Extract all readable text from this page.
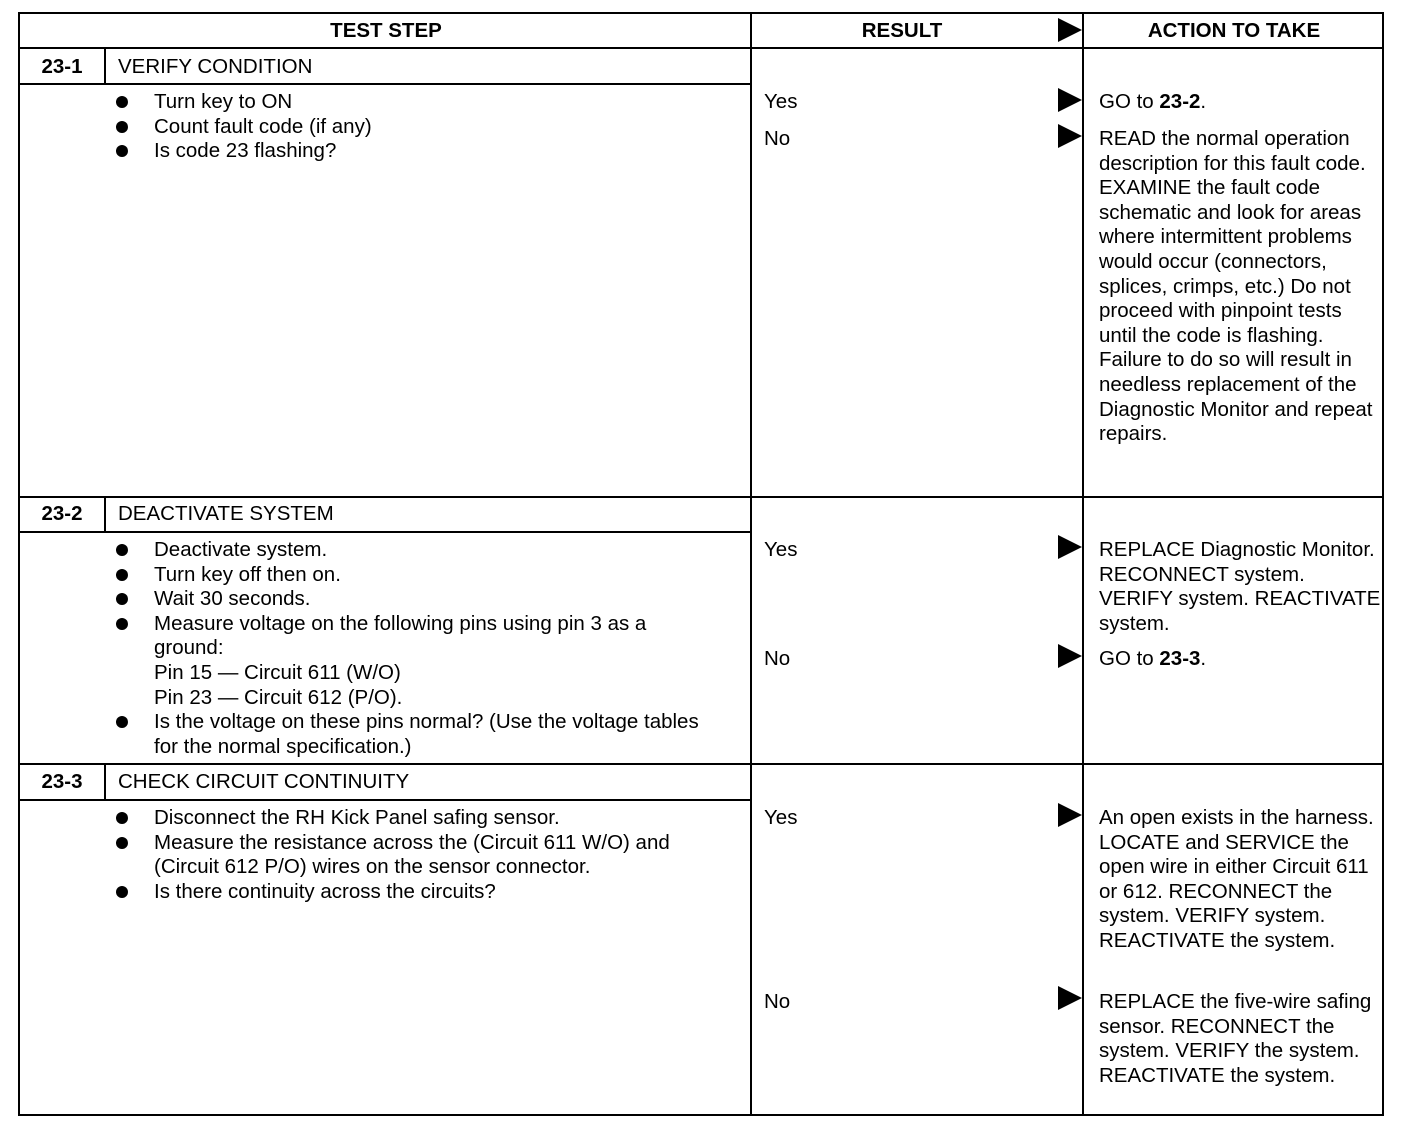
TEST STEP	RESULT	ACTION TO TAKE
23-1	VERIFY CONDITION
Turn key to ON
Count fault code (if any)
Is code 23 flashing?
Yes	GO to 23-2.
No	READ the normal operation description for this fault code. EXAMINE the fault code schematic and look for areas where intermittent problems would occur (connectors, splices, crimps, etc.) Do not proceed with pinpoint tests until the code is flashing. Failure to do so will result in needless replacement of the Diagnostic Monitor and repeat repairs.
23-2	DEACTIVATE SYSTEM
Deactivate system.
Turn key off then on.
Wait 30 seconds.
Measure voltage on the following pins using pin 3 as a ground:
Pin 15 — Circuit 611 (W/O)
Pin 23 — Circuit 612 (P/O).
Is the voltage on these pins normal? (Use the voltage tables for the normal specification.)
Yes	REPLACE Diagnostic Monitor. RECONNECT system. VERIFY system. REACTIVATE system.
No	GO to 23-3.
23-3	CHECK CIRCUIT CONTINUITY
Disconnect the RH Kick Panel safing sensor.
Measure the resistance across the (Circuit 611 W/O) and (Circuit 612 P/O) wires on the sensor connector.
Is there continuity across the circuits?
Yes	An open exists in the harness. LOCATE and SERVICE the open wire in either Circuit 611 or 612. RECONNECT the system. VERIFY system. REACTIVATE the system.
No	REPLACE the five-wire safing sensor. RECONNECT the system. VERIFY the system. REACTIVATE the system.
